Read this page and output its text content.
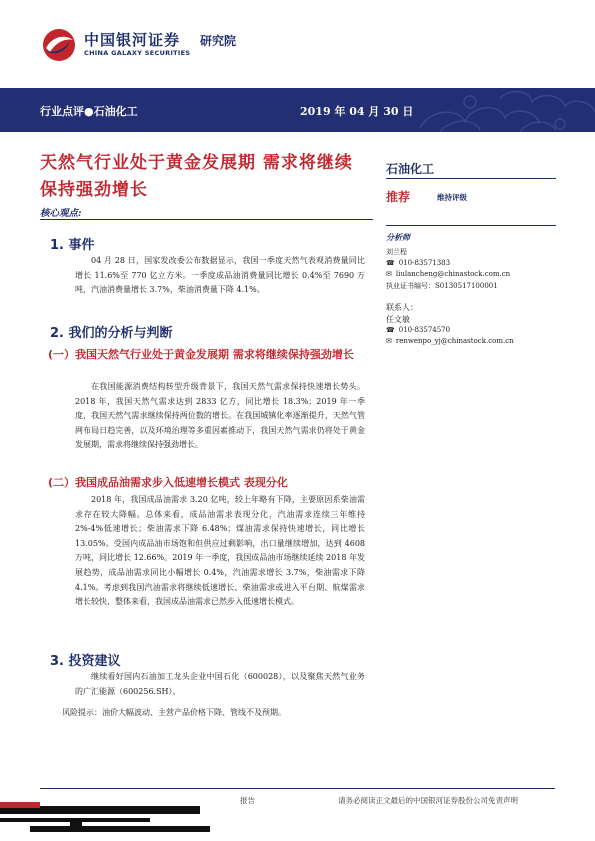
中国银河证券
CHINA GALAXY SECURITIES
研究院
行业点评●石油化工	2019 年 04 月 30 日
天然气行业处于黄金发展期 需求将继续保持强劲增长
核心观点:
1. 事件
04 月 28 日，国家发改委公布数据显示，我国一季度天然气表观消费量同比增长 11.6%至 770 亿立方米。一季度成品油消费量同比增长 0.4%至 7690 万吨，汽油消费量增长 3.7%，柴油消费量下降 4.1%。
2. 我们的分析与判断
(一）我国天然气行业处于黄金发展期 需求将继续保持强劲增长
在我国能源消费结构转型升级背景下，我国天然气需求保持快速增长势头。2018 年，我国天然气需求达到 2833 亿方，同比增长 18.3%；2019 年一季度，我国天然气需求继续保持两位数的增长。在我国城镇化率逐渐提升、天然气管网布局日趋完善，以及环境治理等多重因素推动下，我国天然气需求仍将处于黄金发展期，需求将继续保持强劲增长。
(二）我国成品油需求步入低速增长模式 表现分化
2018 年，我国成品油需求 3.20 亿吨，较上年略有下降，主要原因系柴油需求存在较大降幅。总体来看，成品油需求表现分化，汽油需求连续三年维持 2%-4%低速增长；柴油需求下降 6.48%；煤油需求保持快速增长，同比增长 13.05%。受国内成品油市场饱和但供应过剩影响，出口量继续增加，达到 4608 万吨，同比增长 12.66%。2019 年一季度，我国成品油市场继续延续 2018 年发展趋势，成品油需求同比小幅增长 0.4%，汽油需求增长 3.7%，柴油需求下降 4.1%。考虑到我国汽油需求将继续低速增长、柴油需求或进入平台期、航煤需求增长较快，整体来看，我国成品油需求已然步入低速增长模式。
3. 投资建议
继续看好国内石油加工龙头企业中国石化（600028），以及聚焦天然气业务的广汇能源（600256.SH）。
风险提示：油价大幅波动、主营产品价格下降、管线不及预期。
石油化工
推荐	维持评级
分析师
刘兰程
☎ 010-83571383
✉ liulancheng@chinastock.com.cn
执业证书编号：S0130517100001
联系人：
任文敏
☎ 010-83574570
✉ renwenpo_yj@chinastock.com.cn
报告	请务必阅读正文最后的中国银河证券股份公司免责声明
